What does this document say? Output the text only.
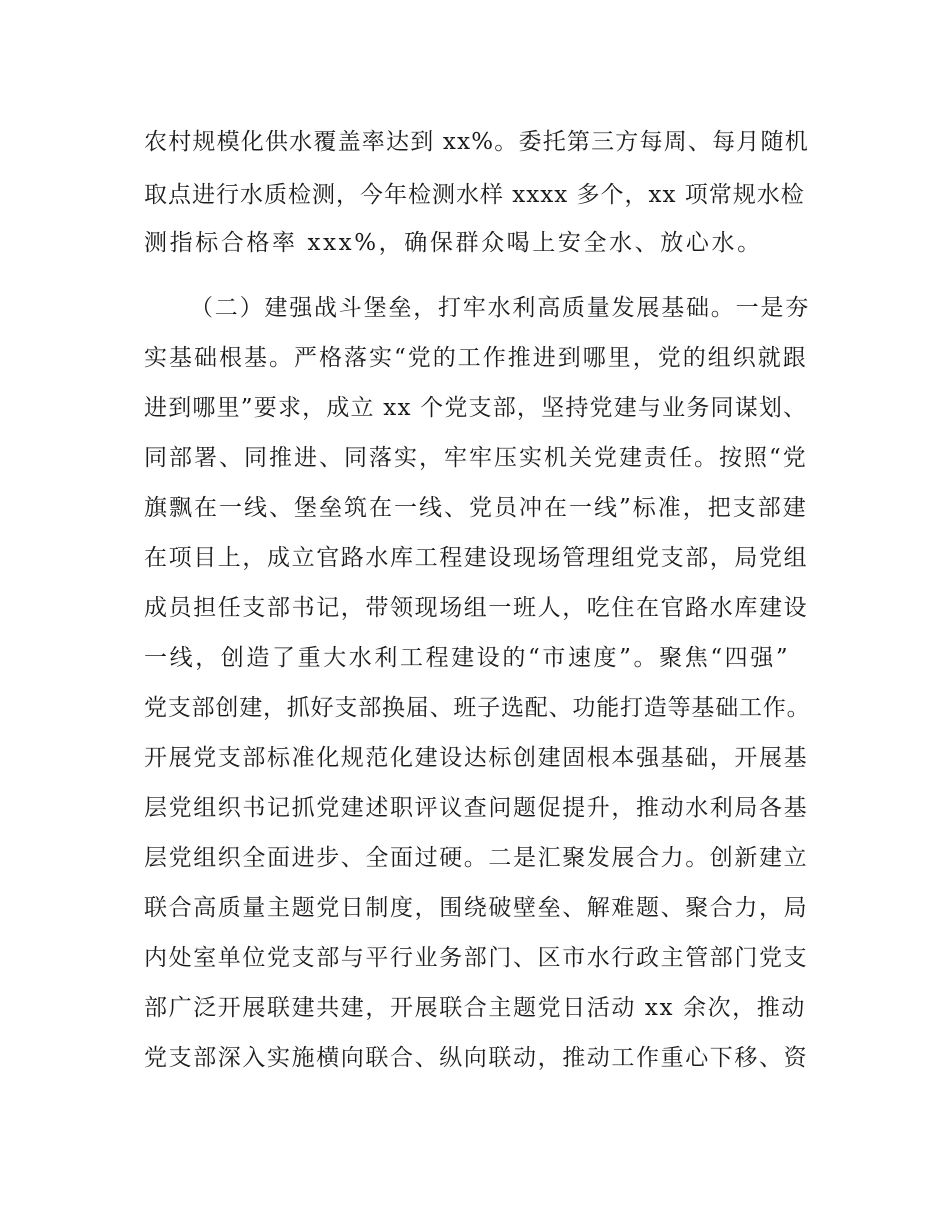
农村规模化供水覆盖率达到 xx%。委托第三方每周、每月随机
取点进行水质检测，今年检测水样 xxxx 多个，xx 项常规水检
测指标合格率 xxx%，确保群众喝上安全水、放心水。
（二）建强战斗堡垒，打牢水利高质量发展基础。一是夯
实基础根基。严格落实“党的工作推进到哪里，党的组织就跟
进到哪里”要求，成立 xx 个党支部，坚持党建与业务同谋划、
同部署、同推进、同落实，牢牢压实机关党建责任。按照“党
旗飘在一线、堡垒筑在一线、党员冲在一线”标准，把支部建
在项目上，成立官路水库工程建设现场管理组党支部，局党组
成员担任支部书记，带领现场组一班人，吃住在官路水库建设
一线，创造了重大水利工程建设的“市速度”。聚焦“四强”
党支部创建，抓好支部换届、班子选配、功能打造等基础工作。
开展党支部标准化规范化建设达标创建固根本强基础，开展基
层党组织书记抓党建述职评议查问题促提升，推动水利局各基
层党组织全面进步、全面过硬。二是汇聚发展合力。创新建立
联合高质量主题党日制度，围绕破壁垒、解难题、聚合力，局
内处室单位党支部与平行业务部门、区市水行政主管部门党支
部广泛开展联建共建，开展联合主题党日活动 xx 余次，推动
党支部深入实施横向联合、纵向联动，推动工作重心下移、资
